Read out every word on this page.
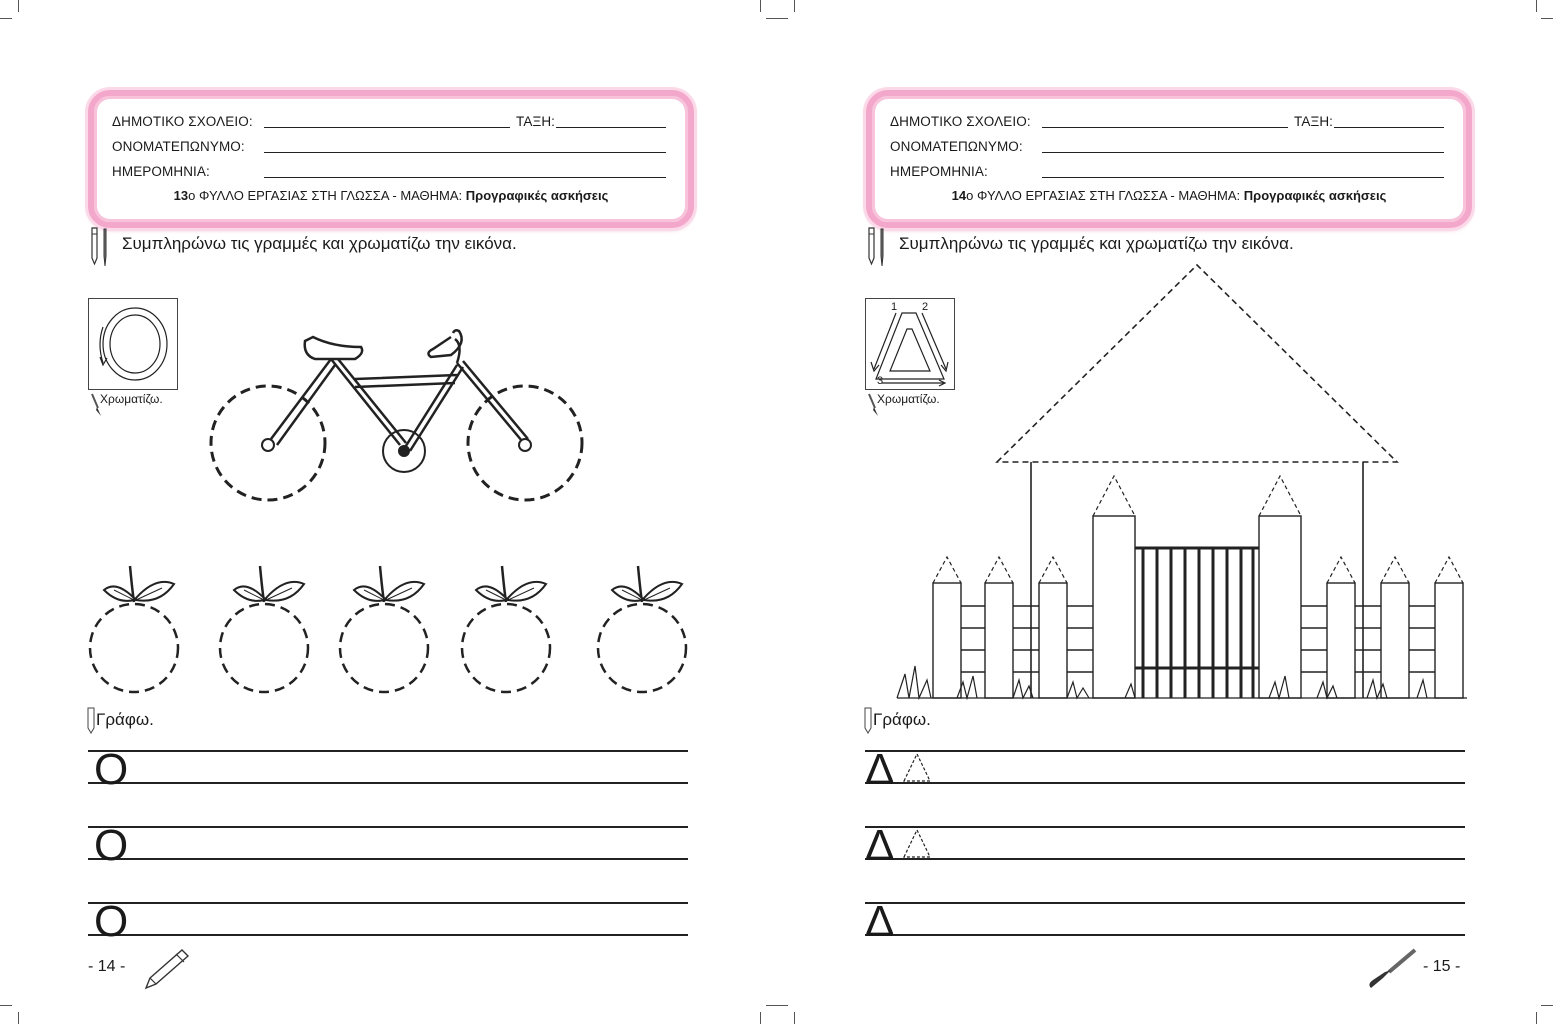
ΔΗΜΟΤΙΚΟ ΣΧΟΛΕΙΟ:	ΤΑΞΗ:
ΟΝΟΜΑΤΕΠΩΝΥΜΟ:
ΗΜΕΡΟΜΗΝΙΑ:
13ο ΦΥΛΛΟ ΕΡΓΑΣΙΑΣ ΣΤΗ ΓΛΩΣΣΑ - ΜΑΘΗΜΑ: Προγραφικές ασκήσεις
Συμπληρώνω τις γραμμές και χρωματίζω την εικόνα.
Χρωματίζω.
Γράφω.
Ο
Ο
Ο
- 14 -
ΔΗΜΟΤΙΚΟ ΣΧΟΛΕΙΟ:	ΤΑΞΗ:
ΟΝΟΜΑΤΕΠΩΝΥΜΟ:
ΗΜΕΡΟΜΗΝΙΑ:
14ο ΦΥΛΛΟ ΕΡΓΑΣΙΑΣ ΣΤΗ ΓΛΩΣΣΑ - ΜΑΘΗΜΑ: Προγραφικές ασκήσεις
Συμπληρώνω τις γραμμές και χρωματίζω την εικόνα.
1 2
3
Χρωματίζω.
Γράφω.
Δ
Δ
Δ
- 15 -
